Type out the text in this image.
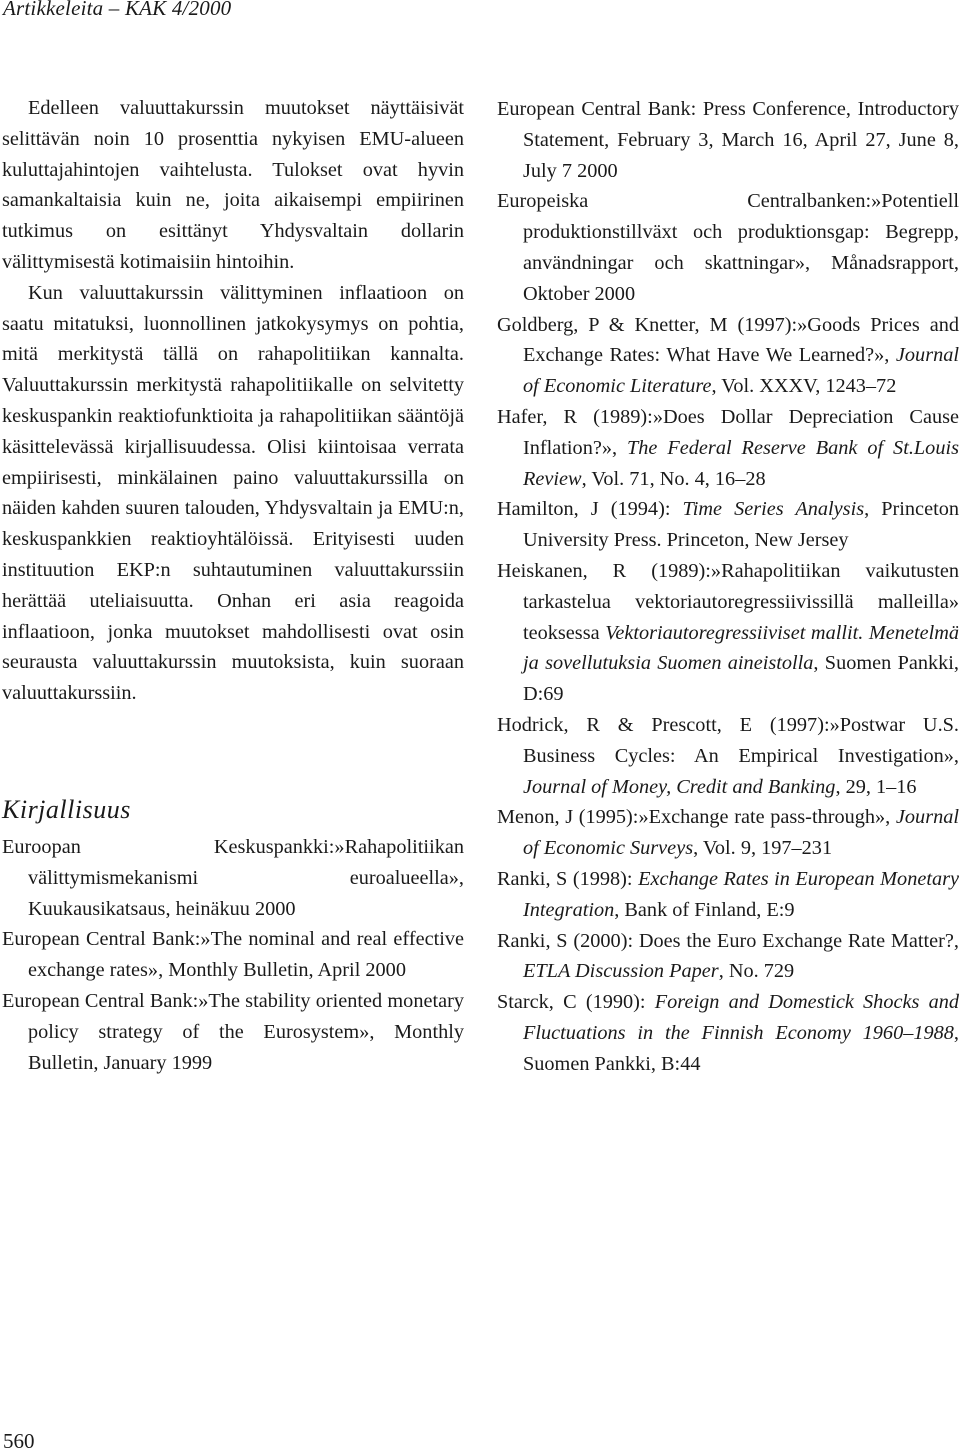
Artikkeleita – KAK 4/2000

Edelleen valuuttakurssin muutokset näyttäisivät selittävän noin 10 prosenttia nykyisen EMU-alueen kuluttajahintojen vaihtelusta. Tulokset ovat hyvin samankaltaisia kuin ne, joita aikaisempi empiirinen tutkimus on esittänyt Yhdysvaltain dollarin välittymisestä kotimaisiin hintoihin.

Kun valuuttakurssin välittyminen inflaatioon on saatu mitatuksi, luonnollinen jatkokysymys on pohtia, mitä merkitystä tällä on rahapolitiikan kannalta. Valuuttakurssin merkitystä rahapolitiikalle on selvitetty keskuspankin reaktiofunktioita ja rahapolitiikan sääntöjä käsittelevässä kirjallisuudessa. Olisi kiintoisaa verrata empiirisesti, minkälainen paino valuuttakurssilla on näiden kahden suuren talouden, Yhdysvaltain ja EMU:n, keskuspankkien reaktioyhtälöissä. Erityisesti uuden instituution EKP:n suhtautuminen valuuttakurssiin herättää uteliaisuutta. Onhan eri asia reagoida inflaatioon, jonka muutokset mahdollisesti ovat osin seurausta valuuttakurssin muutoksista, kuin suoraan valuuttakurssiin.

Kirjallisuus

Euroopan Keskuspankki:»Rahapolitiikan välittymismekanismi euroalueella», Kuukausikatsaus, heinäkuu 2000

European Central Bank:»The nominal and real effective exchange rates», Monthly Bulletin, April 2000

European Central Bank:»The stability oriented monetary policy strategy of the Eurosystem», Monthly Bulletin, January 1999

European Central Bank: Press Conference, Introductory Statement, February 3, March 16, April 27, June 8, July 7 2000

Europeiska Centralbanken:»Potentiell produktionstillväxt och produktionsgap: Begrepp, användningar och skattningar», Månadsrapport, Oktober 2000

Goldberg, P & Knetter, M (1997):»Goods Prices and Exchange Rates: What Have We Learned?», Journal of Economic Literature, Vol. XXXV, 1243–72

Hafer, R (1989):»Does Dollar Depreciation Cause Inflation?», The Federal Reserve Bank of St.Louis Review, Vol. 71, No. 4, 16–28

Hamilton, J (1994): Time Series Analysis, Princeton University Press. Princeton, New Jersey

Heiskanen, R (1989):»Rahapolitiikan vaikutusten tarkastelua vektoriautoregressiivissillä malleilla» teoksessa Vektoriautoregressiiviset mallit. Menetelmä ja sovellutuksia Suomen aineistolla, Suomen Pankki, D:69

Hodrick, R & Prescott, E (1997):»Postwar U.S. Business Cycles: An Empirical Investigation», Journal of Money, Credit and Banking, 29, 1–16

Menon, J (1995):»Exchange rate pass-through», Journal of Economic Surveys, Vol. 9, 197–231

Ranki, S (1998): Exchange Rates in European Monetary Integration, Bank of Finland, E:9

Ranki, S (2000): Does the Euro Exchange Rate Matter?, ETLA Discussion Paper, No. 729

Starck, C (1990): Foreign and Domestick Shocks and Fluctuations in the Finnish Economy 1960–1988, Suomen Pankki, B:44

560
